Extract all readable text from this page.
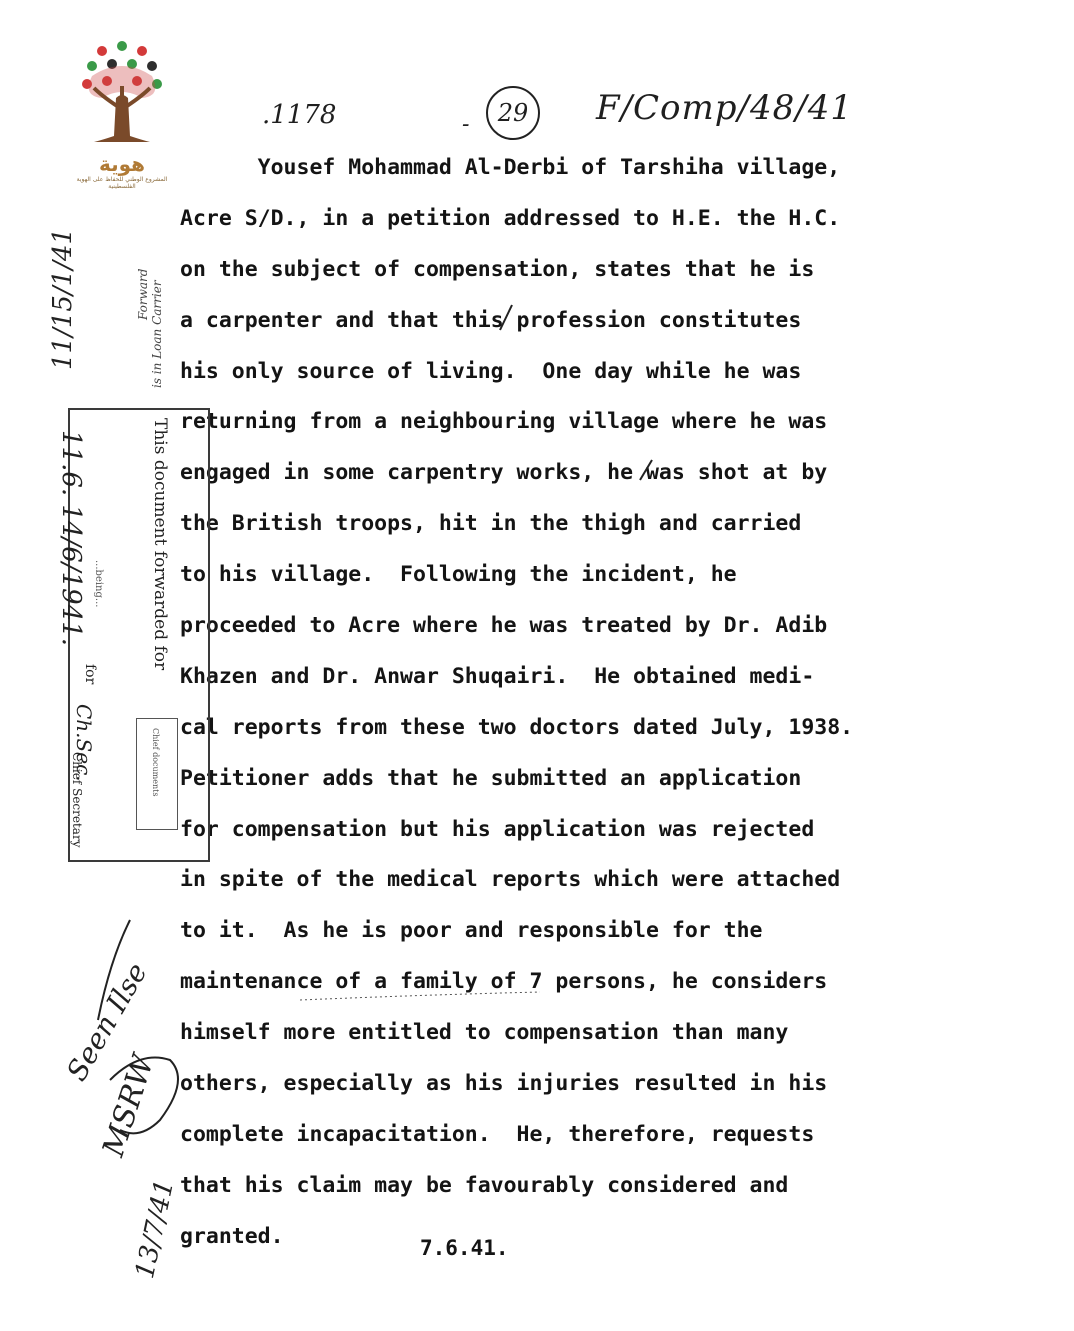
هوية
المشروع الوطني للحفاظ على الهوية الفلسطينية
.1178	-	29	F/Comp/48/41
Yousef Mohammad Al-Derbi of Tarshiha village,
Acre S/D., in a petition addressed to H.E. the H.C.
on the subject of compensation, states that he is
a carpenter and that this profession constitutes
his only source of living.  One day while he was
returning from a neighbouring village where he was
engaged in some carpentry works, he was shot at by
the British troops, hit in the thigh and carried
to his village.  Following the incident, he
proceeded to Acre where he was treated by Dr. Adib
Khazen and Dr. Anwar Shuqairi.  He obtained medi-
cal reports from these two doctors dated July, 1938.
Petitioner adds that he submitted an application
for compensation but his application was rejected
in spite of the medical reports which were attached
to it.  As he is poor and responsible for the
maintenance of a family of 7 persons, he considers
himself more entitled to compensation than many
others, especially as his injuries resulted in his
complete incapacitation.  He, therefore, requests
that his claim may be favourably considered and
granted.	7.6.41.
11/15/1/41	is in Loan Carrier
Forward
This document forwarded for
11.6. 14/6/1941. ...being...
for
Ch.Sec.
Chief Secretary	Chief documents
Seen Ilse
MSRW
13/7/41
